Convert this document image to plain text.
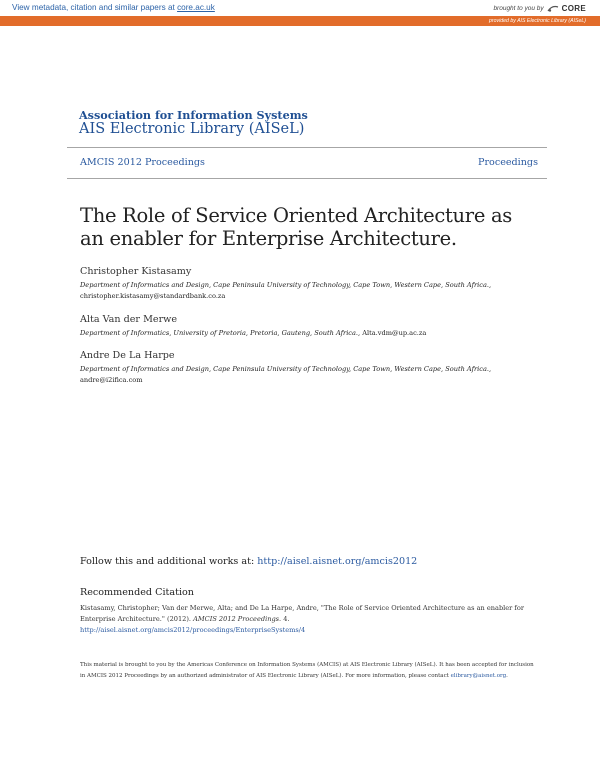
View metadata, citation and similar papers at core.ac.uk	brought to you by CORE
provided by AIS Electronic Library (AISeL)
Association for Information Systems
AIS Electronic Library (AISeL)
AMCIS 2012 Proceedings	Proceedings
The Role of Service Oriented Architecture as an enabler for Enterprise Architecture.
Christopher Kistasamy
Department of Informatics and Design, Cape Peninsula University of Technology, Cape Town, Western Cape, South Africa.,
christopher.kistasamy@standardbank.co.za
Alta Van der Merwe
Department of Informatics, University of Pretoria, Pretoria, Gauteng, South Africa., Alta.vdm@up.ac.za
Andre De La Harpe
Department of Informatics and Design, Cape Peninsula University of Technology, Cape Town, Western Cape, South Africa.,
andre@i2ifica.com
Follow this and additional works at: http://aisel.aisnet.org/amcis2012
Recommended Citation
Kistasamy, Christopher; Van der Merwe, Alta; and De La Harpe, Andre, "The Role of Service Oriented Architecture as an enabler for Enterprise Architecture." (2012). AMCIS 2012 Proceedings. 4.
http://aisel.aisnet.org/amcis2012/proceedings/EnterpriseSystems/4
This material is brought to you by the Americas Conference on Information Systems (AMCIS) at AIS Electronic Library (AISeL). It has been accepted for inclusion in AMCIS 2012 Proceedings by an authorized administrator of AIS Electronic Library (AISeL). For more information, please contact elibrary@aisnet.org.
